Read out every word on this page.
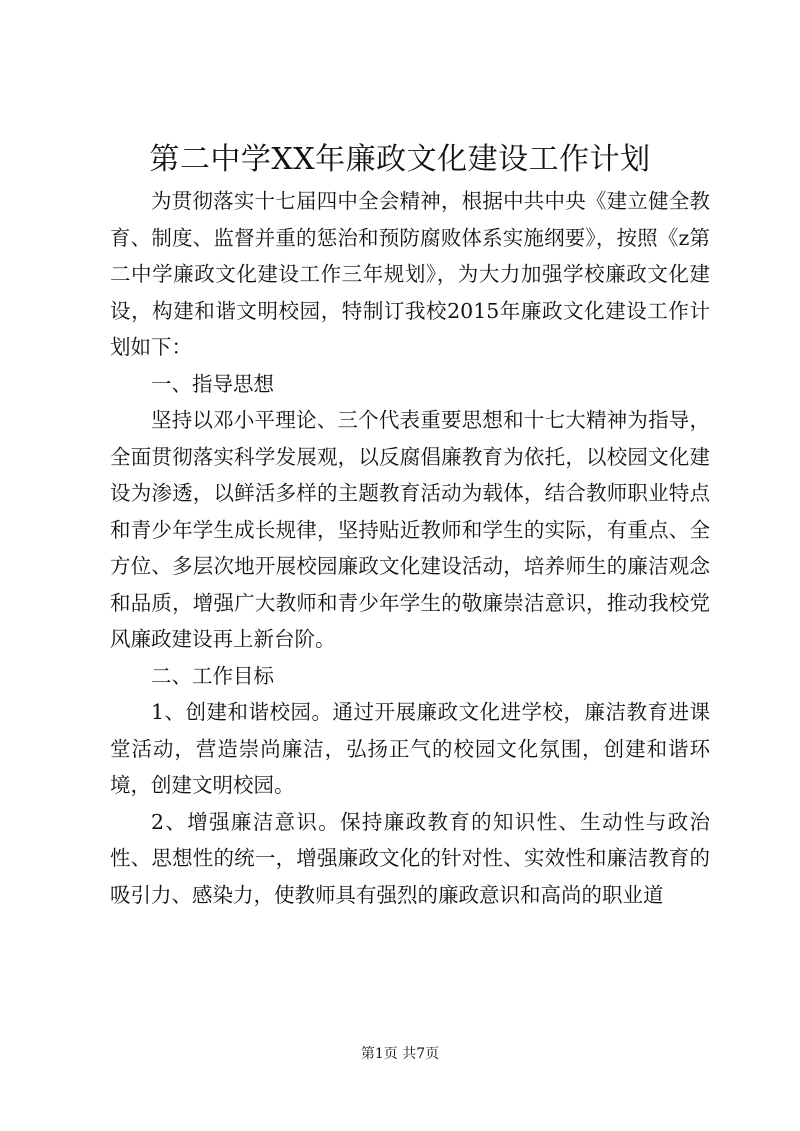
第二中学XX年廉政文化建设工作计划

为贯彻落实十七届四中全会精神，根据中共中央《建立健全教育、制度、监督并重的惩治和预防腐败体系实施纲要》，按照《z第二中学廉政文化建设工作三年规划》，为大力加强学校廉政文化建设，构建和谐文明校园，特制订我校2015年廉政文化建设工作计划如下：

一、指导思想

坚持以邓小平理论、三个代表重要思想和十七大精神为指导，全面贯彻落实科学发展观，以反腐倡廉教育为依托，以校园文化建设为渗透，以鲜活多样的主题教育活动为载体，结合教师职业特点和青少年学生成长规律，坚持贴近教师和学生的实际，有重点、全方位、多层次地开展校园廉政文化建设活动，培养师生的廉洁观念和品质，增强广大教师和青少年学生的敬廉崇洁意识，推动我校党风廉政建设再上新台阶。

二、工作目标

1、创建和谐校园。通过开展廉政文化进学校，廉洁教育进课堂活动，营造崇尚廉洁，弘扬正气的校园文化氛围，创建和谐环境，创建文明校园。

2、增强廉洁意识。保持廉政教育的知识性、生动性与政治性、思想性的统一，增强廉政文化的针对性、实效性和廉洁教育的吸引力、感染力，使教师具有强烈的廉政意识和高尚的职业道

第1页 共7页
